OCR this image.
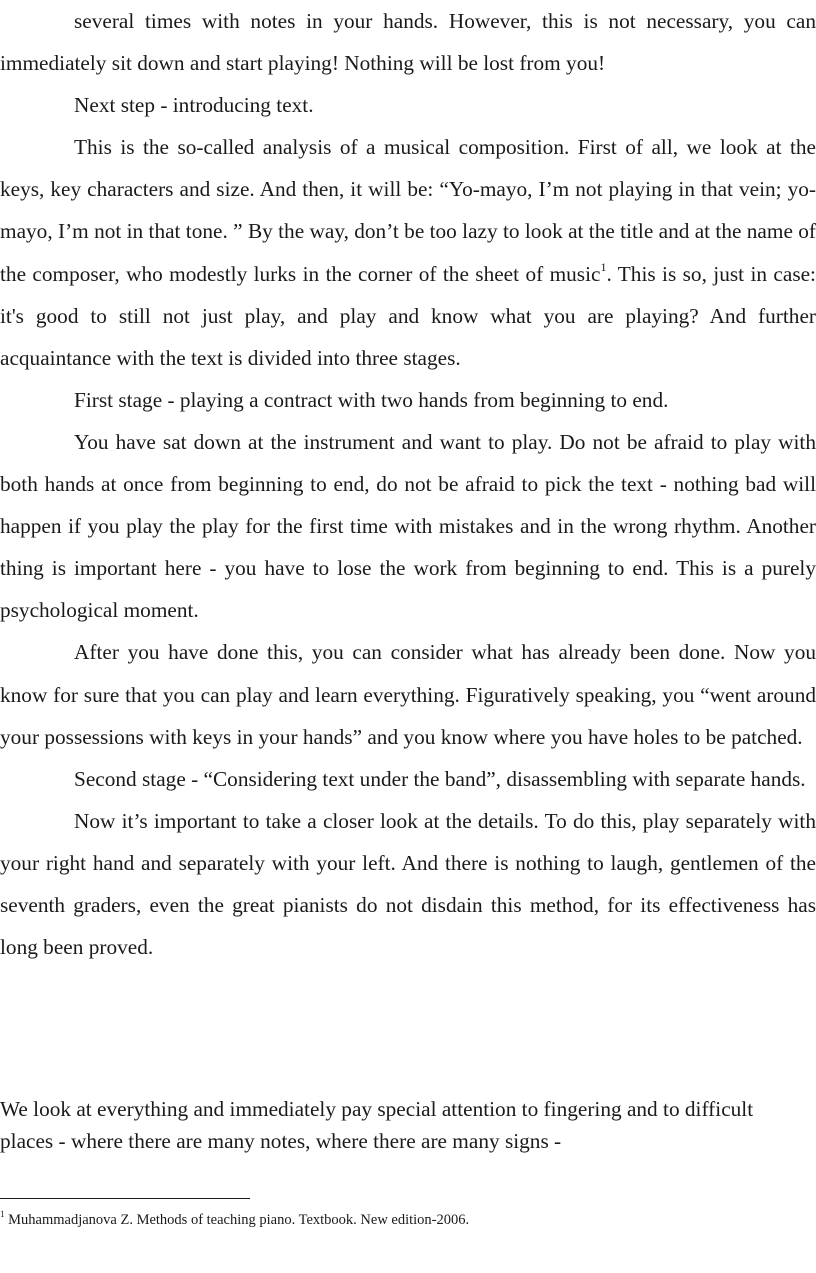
several times with notes in your hands. However, this is not necessary, you can immediately sit down and start playing! Nothing will be lost from you!

Next step - introducing text.

This is the so-called analysis of a musical composition. First of all, we look at the keys, key characters and size. And then, it will be: “Yo-mayo, I’m not playing in that vein; yo-mayo, I’m not in that tone. ” By the way, don’t be too lazy to look at the title and at the name of the composer, who modestly lurks in the corner of the sheet of music$^1$. This is so, just in case: it's good to still not just play, and play and know what you are playing? And further acquaintance with the text is divided into three stages.

First stage - playing a contract with two hands from beginning to end.

You have sat down at the instrument and want to play. Do not be afraid to play with both hands at once from beginning to end, do not be afraid to pick the text - nothing bad will happen if you play the play for the first time with mistakes and in the wrong rhythm. Another thing is important here - you have to lose the work from beginning to end. This is a purely psychological moment.

After you have done this, you can consider what has already been done. Now you know for sure that you can play and learn everything. Figuratively speaking, you “went around your possessions with keys in your hands” and you know where you have holes to be patched.

Second stage - “Considering text under the band”, disassembling with separate hands.

Now it’s important to take a closer look at the details. To do this, play separately with your right hand and separately with your left. And there is nothing to laugh, gentlemen of the seventh graders, even the great pianists do not disdain this method, for its effectiveness has long been proved.

We look at everything and immediately pay special attention to fingering and to difficult places - where there are many notes, where there are many signs -

$^1$ Muhammadjanova Z. Methods of teaching piano. Textbook. New edition-2006.
